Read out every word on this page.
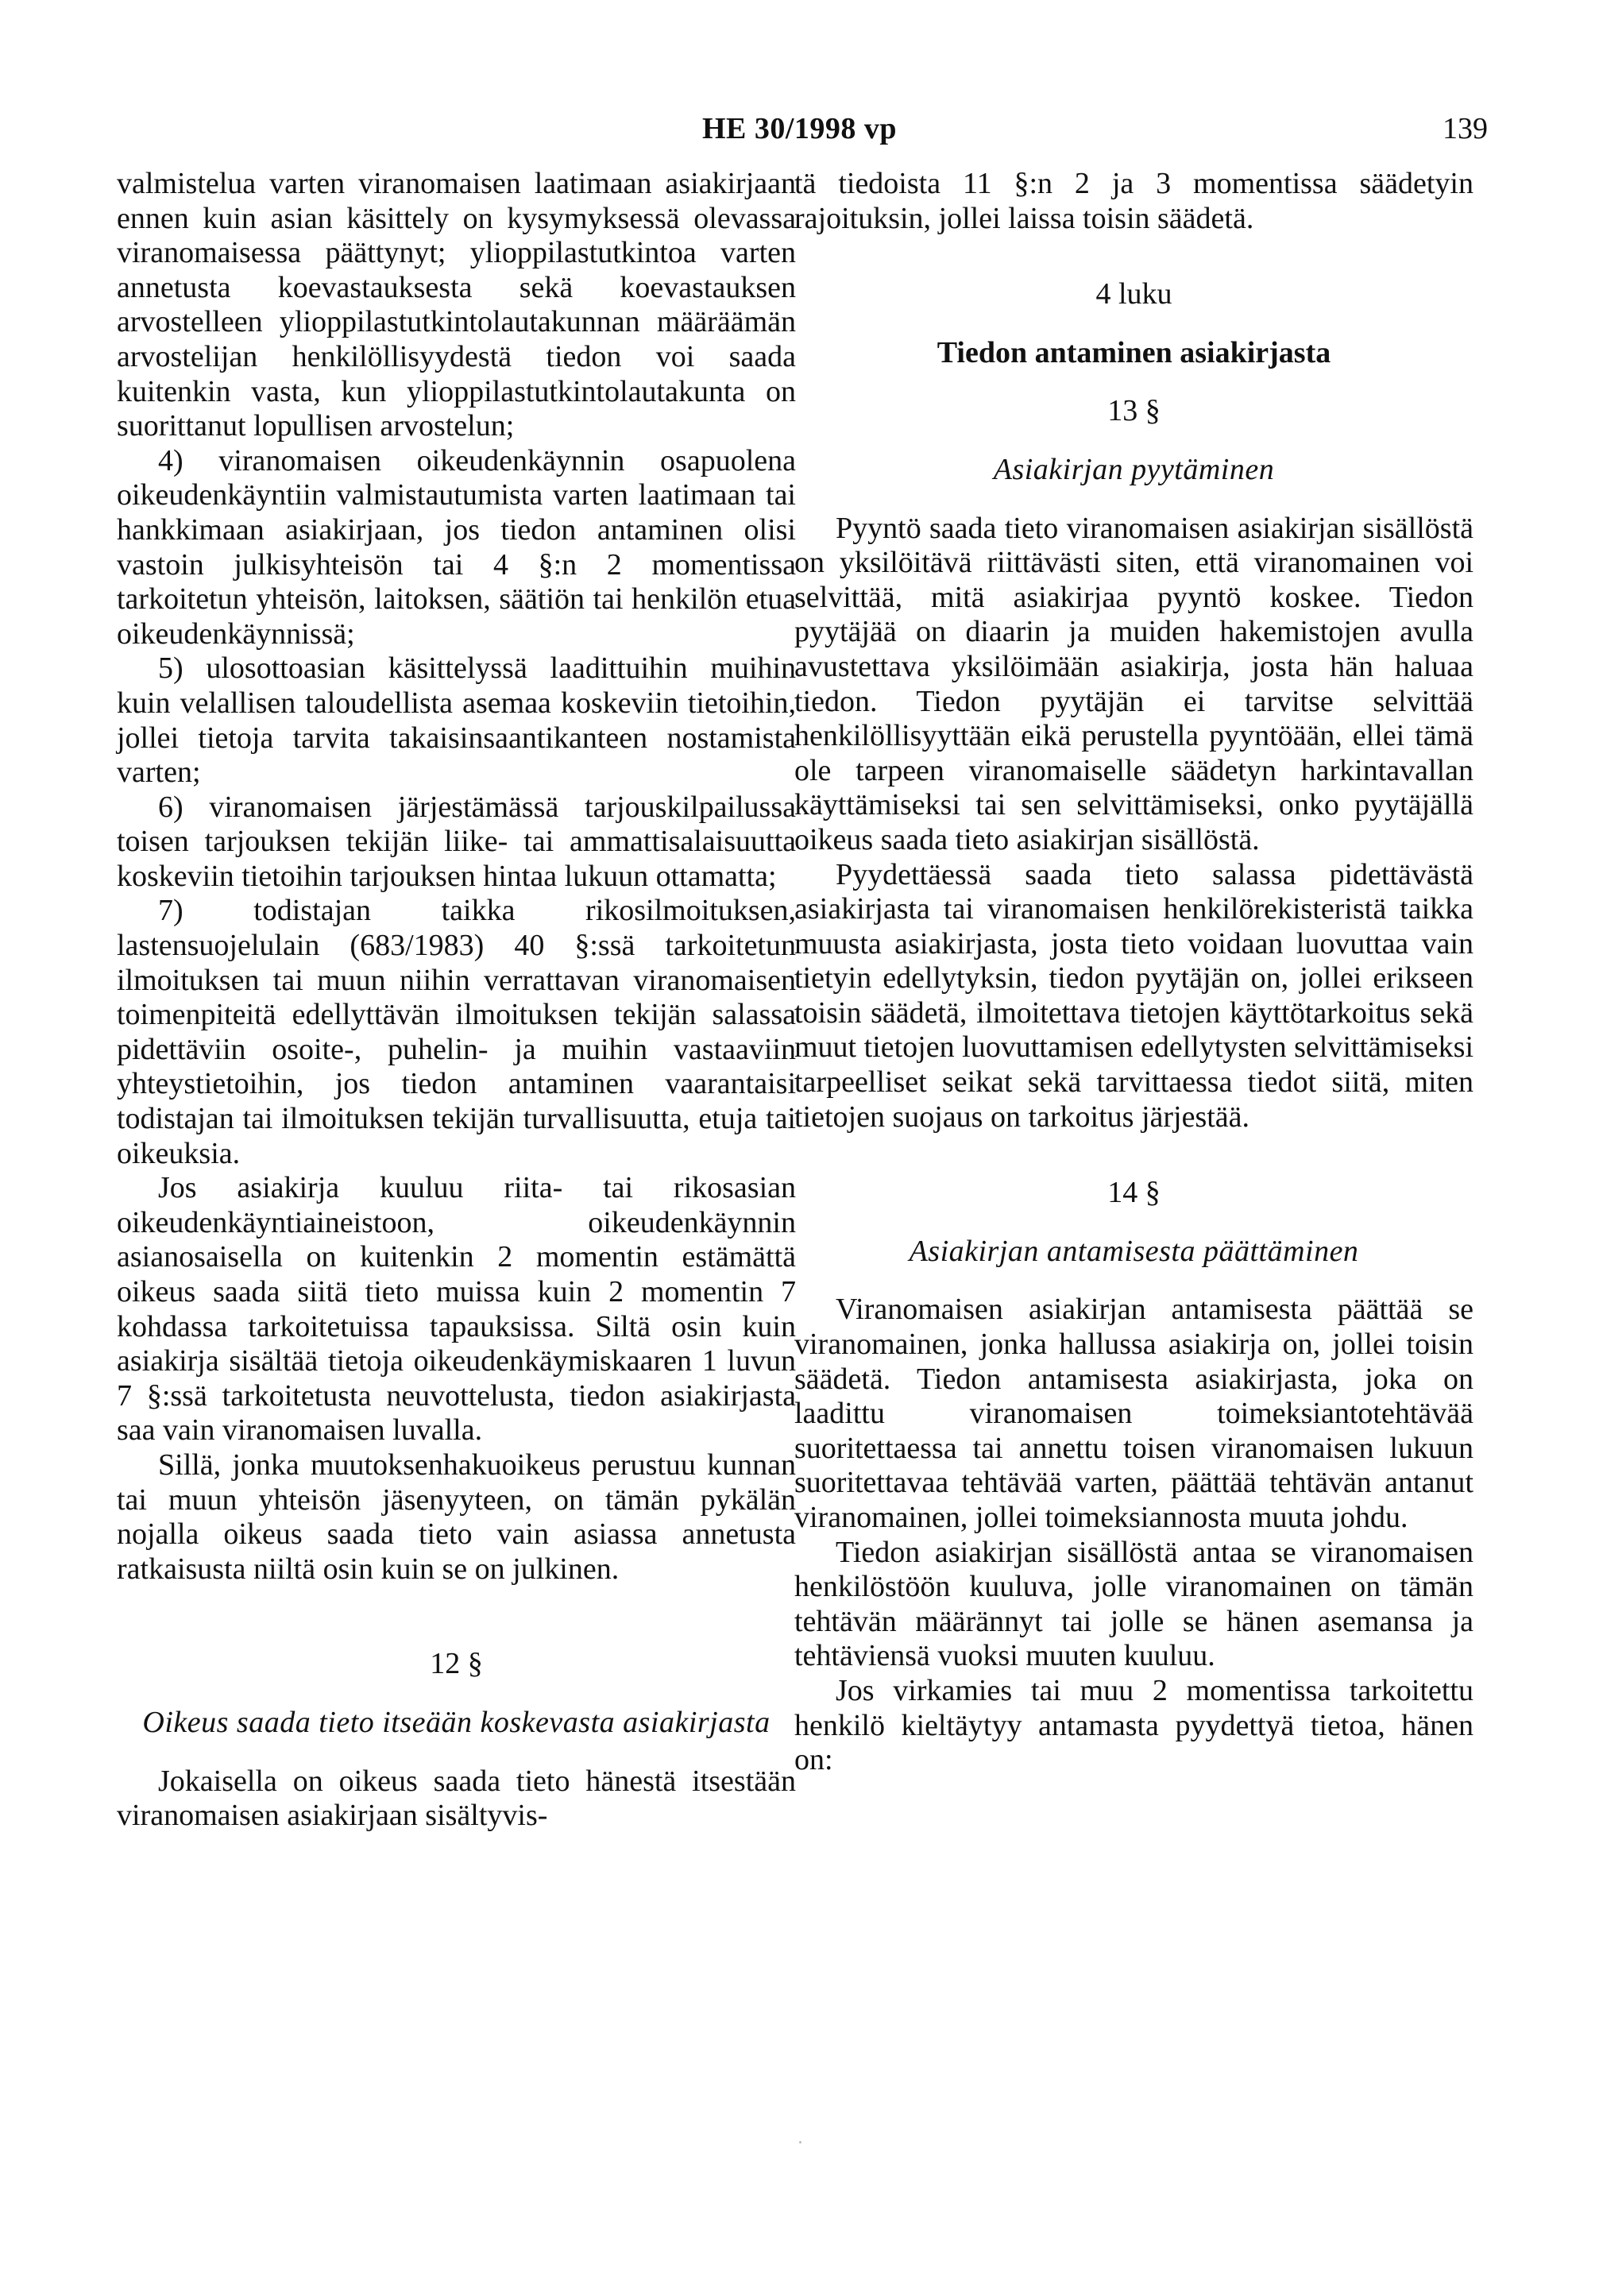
HE 30/1998 vp	139

valmistelua varten viranomaisen laatimaan asiakirjaan ennen kuin asian käsittely on kysymyksessä olevassa viranomaisessa päättynyt; ylioppilastutkintoa varten annetusta koevastauksesta sekä koevastauksen arvostelleen ylioppilastutkintolautakunnan määräämän arvostelijan henkilöllisyydestä tiedon voi saada kuitenkin vasta, kun ylioppilastutkintolautakunta on suorittanut lopullisen arvostelun;

4) viranomaisen oikeudenkäynnin osapuolena oikeudenkäyntiin valmistautumista varten laatimaan tai hankkimaan asiakirjaan, jos tiedon antaminen olisi vastoin julkisyhteisön tai 4 §:n 2 momentissa tarkoitetun yhteisön, laitoksen, säätiön tai henkilön etua oikeudenkäynnissä;

5) ulosottoasian käsittelyssä laadittuihin muihin kuin velallisen taloudellista asemaa koskeviin tietoihin, jollei tietoja tarvita takaisinsaantikanteen nostamista varten;

6) viranomaisen järjestämässä tarjouskilpailussa toisen tarjouksen tekijän liike- tai ammattisalaisuutta koskeviin tietoihin tarjouksen hintaa lukuun ottamatta;

7) todistajan taikka rikosilmoituksen, lastensuojelulain (683/1983) 40 §:ssä tarkoitetun ilmoituksen tai muun niihin verrattavan viranomaisen toimenpiteitä edellyttävän ilmoituksen tekijän salassa pidettäviin osoite-, puhelin- ja muihin vastaaviin yhteystietoihin, jos tiedon antaminen vaarantaisi todistajan tai ilmoituksen tekijän turvallisuutta, etuja tai oikeuksia.

Jos asiakirja kuuluu riita- tai rikosasian oikeudenkäyntiaineistoon, oikeudenkäynnin asianosaisella on kuitenkin 2 momentin estämättä oikeus saada siitä tieto muissa kuin 2 momentin 7 kohdassa tarkoitetuissa tapauksissa. Siltä osin kuin asiakirja sisältää tietoja oikeudenkäymiskaaren 1 luvun 7 §:ssä tarkoitetusta neuvottelusta, tiedon asiakirjasta saa vain viranomaisen luvalla.

Sillä, jonka muutoksenhakuoikeus perustuu kunnan tai muun yhteisön jäsenyyteen, on tämän pykälän nojalla oikeus saada tieto vain asiassa annetusta ratkaisusta niiltä osin kuin se on julkinen.

12 §

Oikeus saada tieto itseään koskevasta asiakirjasta

Jokaisella on oikeus saada tieto hänestä itsestään viranomaisen asiakirjaan sisältyvis-

tä tiedoista 11 §:n 2 ja 3 momentissa säädetyin rajoituksin, jollei laissa toisin säädetä.

4 luku

Tiedon antaminen asiakirjasta

13 §

Asiakirjan pyytäminen

Pyyntö saada tieto viranomaisen asiakirjan sisällöstä on yksilöitävä riittävästi siten, että viranomainen voi selvittää, mitä asiakirjaa pyyntö koskee. Tiedon pyytäjää on diaarin ja muiden hakemistojen avulla avustettava yksilöimään asiakirja, josta hän haluaa tiedon. Tiedon pyytäjän ei tarvitse selvittää henkilöllisyyttään eikä perustella pyyntöään, ellei tämä ole tarpeen viranomaiselle säädetyn harkintavallan käyttämiseksi tai sen selvittämiseksi, onko pyytäjällä oikeus saada tieto asiakirjan sisällöstä.

Pyydettäessä saada tieto salassa pidettävästä asiakirjasta tai viranomaisen henkilörekisteristä taikka muusta asiakirjasta, josta tieto voidaan luovuttaa vain tietyin edellytyksin, tiedon pyytäjän on, jollei erikseen toisin säädetä, ilmoitettava tietojen käyttötarkoitus sekä muut tietojen luovuttamisen edellytysten selvittämiseksi tarpeelliset seikat sekä tarvittaessa tiedot siitä, miten tietojen suojaus on tarkoitus järjestää.

14 §

Asiakirjan antamisesta päättäminen

Viranomaisen asiakirjan antamisesta päättää se viranomainen, jonka hallussa asiakirja on, jollei toisin säädetä. Tiedon antamisesta asiakirjasta, joka on laadittu viranomaisen toimeksiantotehtävää suoritettaessa tai annettu toisen viranomaisen lukuun suoritettavaa tehtävää varten, päättää tehtävän antanut viranomainen, jollei toimeksiannosta muuta johdu.

Tiedon asiakirjan sisällöstä antaa se viranomaisen henkilöstöön kuuluva, jolle viranomainen on tämän tehtävän määrännyt tai jolle se hänen asemansa ja tehtäviensä vuoksi muuten kuuluu.

Jos virkamies tai muu 2 momentissa tarkoitettu henkilö kieltäytyy antamasta pyydettyä tietoa, hänen on:
